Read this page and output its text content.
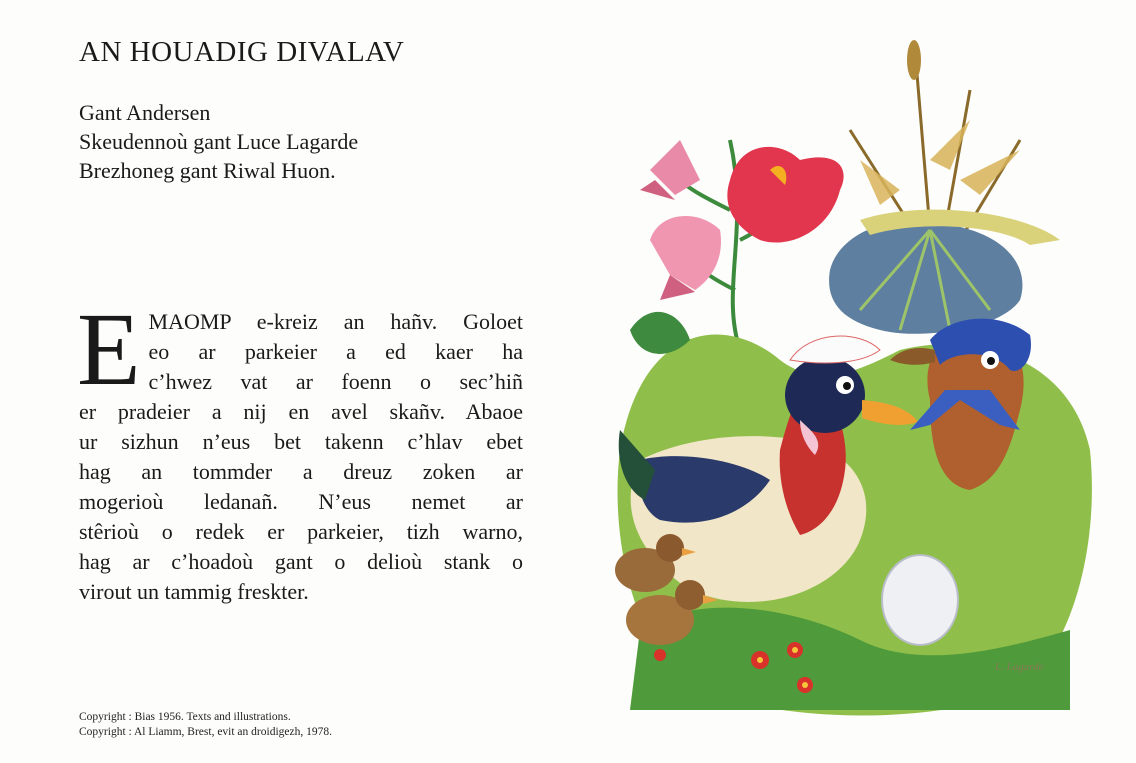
AN HOUADIG DIVALAV
Gant Andersen
Skeudennoù gant Luce Lagarde
Brezhoneg gant Riwal Huon.
E MAOMP e-kreiz an hañv. Goloet
eo ar parkeier a ed kaer ha
c’hwez vat ar foenn o sec’hiñ
er pradeier a nij en avel skañv. Abaoe
ur sizhun n’eus bet takenn c’hlav ebet
hag an tommder a dreuz zoken ar
mogerioù ledanañ. N’eus nemet ar
stêrioù o redek er parkeier, tizh warno,
hag ar c’hoadoù gant o delioù stank o
virout un tammig freskter.
Copyright : Bias 1956. Texts and illustrations.
Copyright : Al Liamm, Brest, evit an droidigezh, 1978.
L. Lagarde
